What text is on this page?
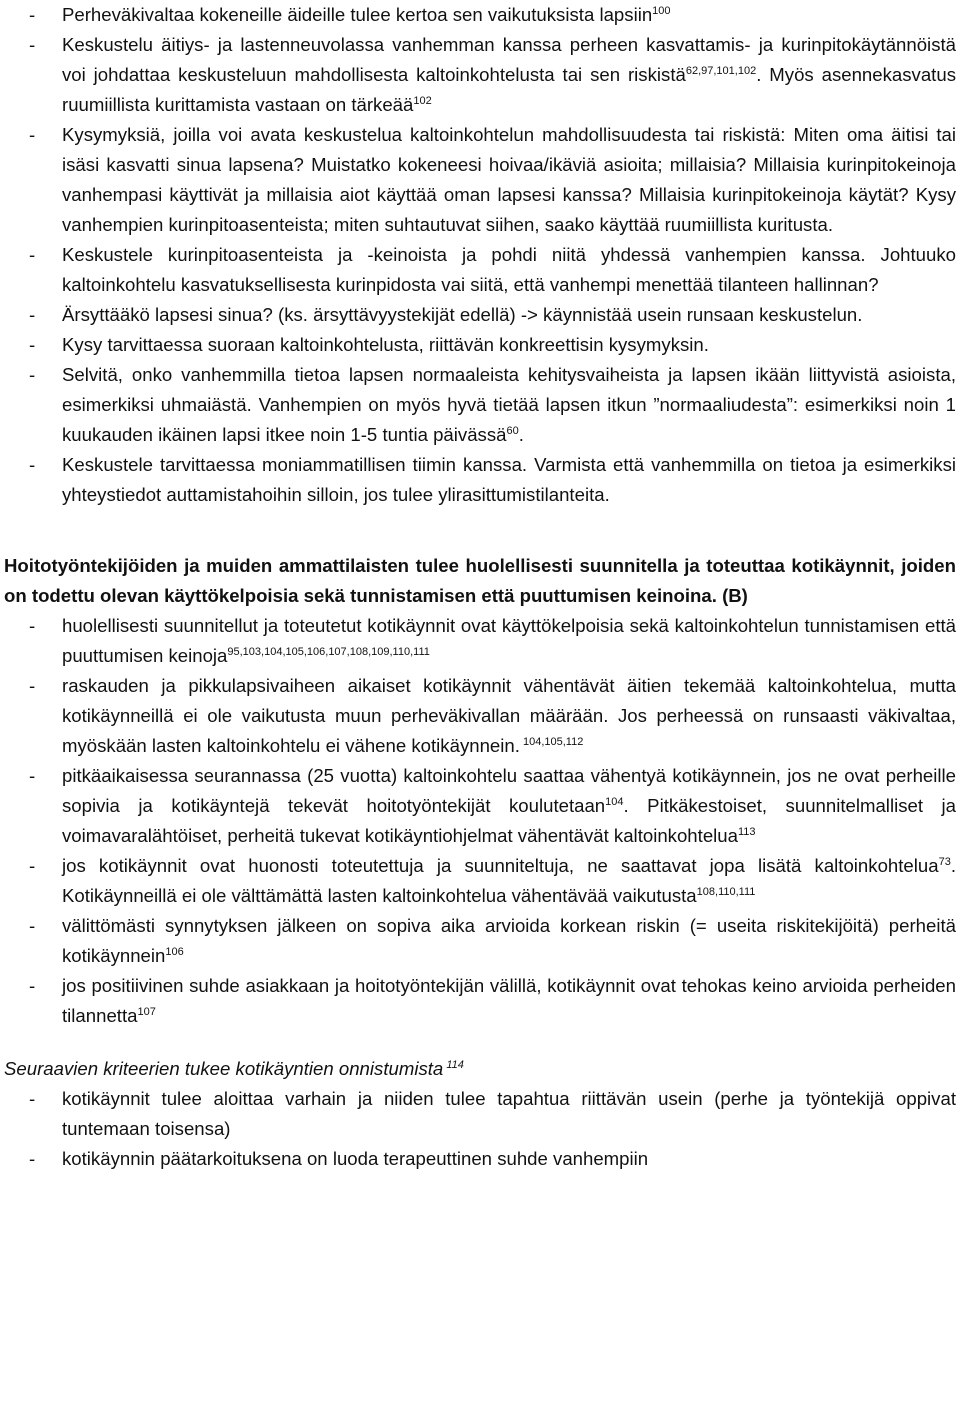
- Perheväkivaltaa kokeneille äideille tulee kertoa sen vaikutuksista lapsiin$^{100}$
- Keskustelu äitiys- ja lastenneuvolassa vanhemman kanssa perheen kasvattamis- ja kurinpitokäytännöistä voi johdattaa keskusteluun mahdollisesta kaltoinkohtelusta tai sen riskistä$^{62,97,101,102}$. Myös asennekasvatus ruumiillista kurittamista vastaan on tärkeää$^{102}$
- Kysymyksiä, joilla voi avata keskustelua kaltoinkohtelun mahdollisuudesta tai riskistä: Miten oma äitisi tai isäsi kasvatti sinua lapsena? Muistatko kokeneesi hoivaa/ikäviä asioita; millaisia? Millaisia kurinpitokeinoja vanhempasi käyttivät ja millaisia aiot käyttää oman lapsesi kanssa? Millaisia kurinpitokeinoja käytät? Kysy vanhempien kurinpitoasenteista; miten suhtautuvat siihen, saako käyttää ruumiillista kuritusta.
- Keskustele kurinpitoasenteista ja -keinoista ja pohdi niitä yhdessä vanhempien kanssa. Johtuuko kaltoinkohtelu kasvatuksellisesta kurinpidosta vai siitä, että vanhempi menettää tilanteen hallinnan?
- Ärsyttääkö lapsesi sinua? (ks. ärsyttävyystekijät edellä) -> käynnistää usein runsaan keskustelun.
- Kysy tarvittaessa suoraan kaltoinkohtelusta, riittävän konkreettisin kysymyksin.
- Selvitä, onko vanhemmilla tietoa lapsen normaaleista kehitysvaiheista ja lapsen ikään liittyvistä asioista, esimerkiksi uhmaiästä. Vanhempien on myös hyvä tietää lapsen itkun ”normaaliudesta”: esimerkiksi noin 1 kuukauden ikäinen lapsi itkee noin 1-5 tuntia päivässä$^{60}$.
- Keskustele tarvittaessa moniammatillisen tiimin kanssa. Varmista että vanhemmilla on tietoa ja esimerkiksi yhteystiedot auttamistahoihin silloin, jos tulee ylirasittumistilanteita.

Hoitotyöntekijöiden ja muiden ammattilaisten tulee huolellisesti suunnitella ja toteuttaa kotikäynnit, joiden on todettu olevan käyttökelpoisia sekä tunnistamisen että puuttumisen keinoina. (B)

- huolellisesti suunnitellut ja toteutetut kotikäynnit ovat käyttökelpoisia sekä kaltoinkohtelun tunnistamisen että puuttumisen keinoja$^{95,103,104,105,106,107,108,109,110,111}$
- raskauden ja pikkulapsivaiheen aikaiset kotikäynnit vähentävät äitien tekemää kaltoinkohtelua, mutta kotikäynneillä ei ole vaikutusta muun perheväkivallan määrään. Jos perheessä on runsaasti väkivaltaa, myöskään lasten kaltoinkohtelu ei vähene kotikäynnein. $^{104,105,112}$
- pitkäaikaisessa seurannassa (25 vuotta) kaltoinkohtelu saattaa vähentyä kotikäynnein, jos ne ovat perheille sopivia ja kotikäyntejä tekevät hoitotyöntekijät koulutetaan$^{104}$. Pitkäkestoiset, suunnitelmalliset ja voimavaralähtöiset, perheitä tukevat kotikäyntiohjelmat vähentävät kaltoinkohtelua$^{113}$
- jos kotikäynnit ovat huonosti toteutettuja ja suunniteltuja, ne saattavat jopa lisätä kaltoinkohtelua$^{73}$. Kotikäynneillä ei ole välttämättä lasten kaltoinkohtelua vähentävää vaikutusta$^{108,110,111}$
- välittömästi synnytyksen jälkeen on sopiva aika arvioida korkean riskin (= useita riskitekijöitä) perheitä kotikäynnein$^{106}$
- jos positiivinen suhde asiakkaan ja hoitotyöntekijän välillä, kotikäynnit ovat tehokas keino arvioida perheiden tilannetta$^{107}$

Seuraavien kriteerien tukee kotikäyntien onnistumista $^{114}$

- kotikäynnit tulee aloittaa varhain ja niiden tulee tapahtua riittävän usein (perhe ja työntekijä oppivat tuntemaan toisensa)
- kotikäynnin päätarkoituksena on luoda terapeuttinen suhde vanhempiin
